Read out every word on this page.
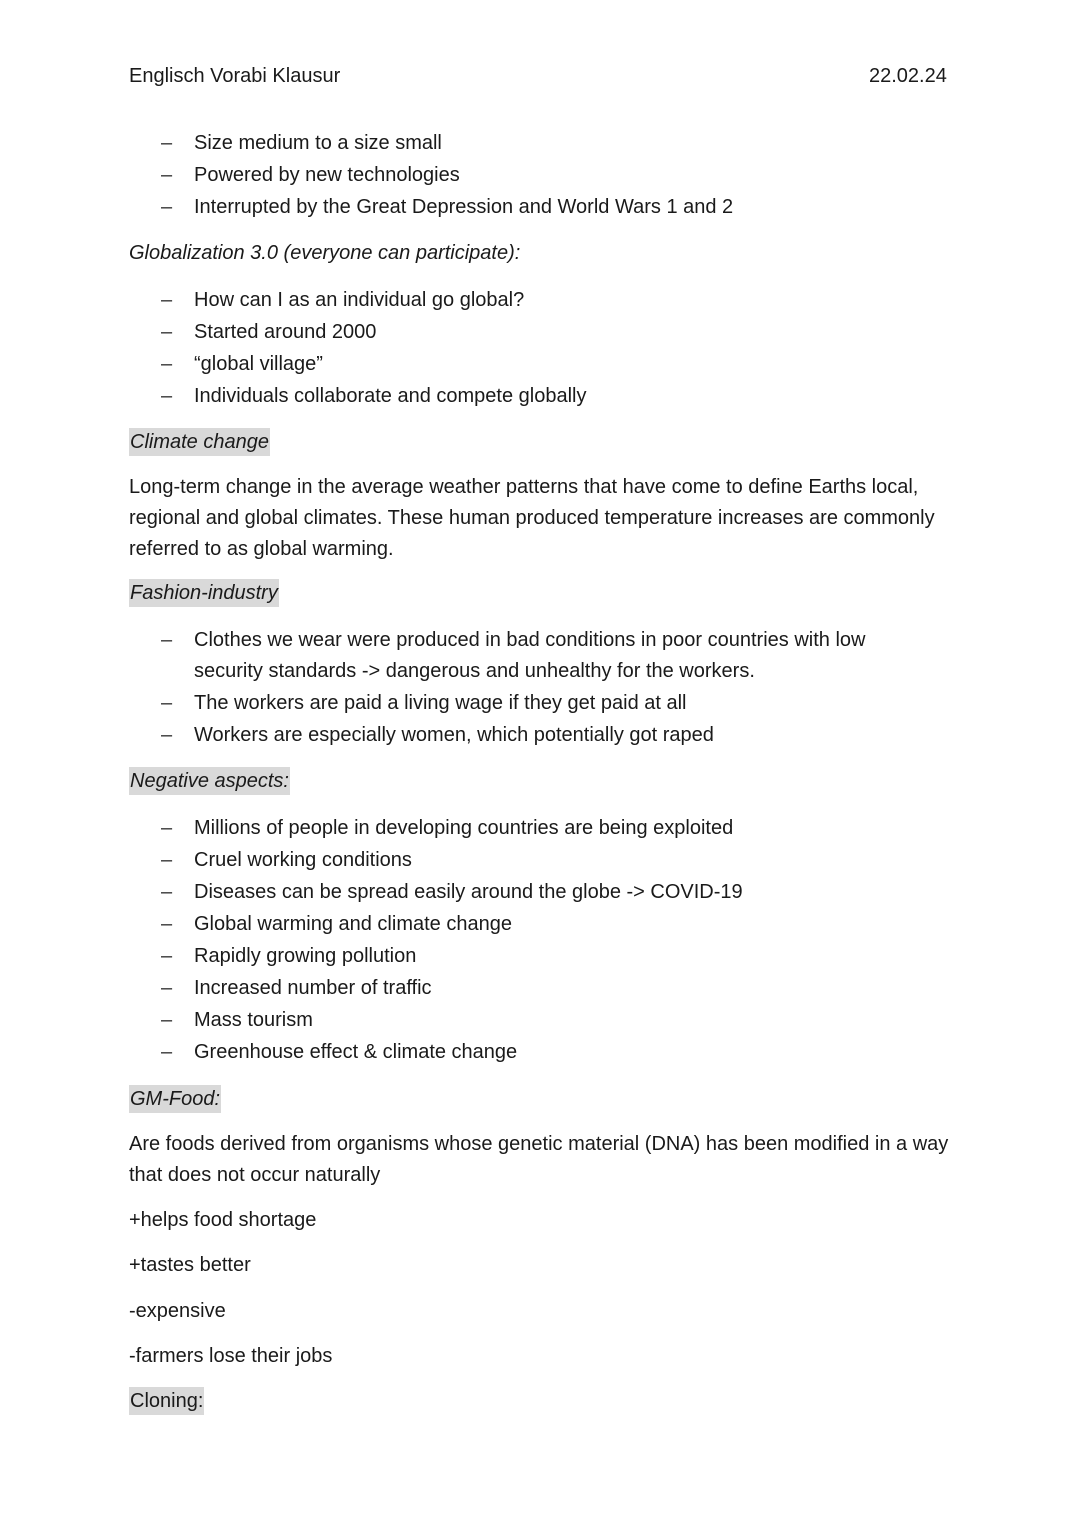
Englisch Vorabi Klausur	22.02.24
– Size medium to a size small
– Powered by new technologies
– Interrupted by the Great Depression and World Wars 1 and 2
Globalization 3.0 (everyone can participate):
– How can I as an individual go global?
– Started around 2000
– “global village”
– Individuals collaborate and compete globally
Climate change

Long-term change in the average weather patterns that have come to define Earths local, regional and global climates. These human produced temperature increases are commonly referred to as global warming.

Fashion-industry
– Clothes we wear were produced in bad conditions in poor countries with low security standards -> dangerous and unhealthy for the workers.
– The workers are paid a living wage if they get paid at all
– Workers are especially women, which potentially got raped
Negative aspects:
– Millions of people in developing countries are being exploited
– Cruel working conditions
– Diseases can be spread easily around the globe -> COVID-19
– Global warming and climate change
– Rapidly growing pollution
– Increased number of traffic
– Mass tourism
– Greenhouse effect & climate change
GM-Food:

Are foods derived from organisms whose genetic material (DNA) has been modified in a way that does not occur naturally

+helps food shortage
+tastes better
-expensive
-farmers lose their jobs
Cloning:
